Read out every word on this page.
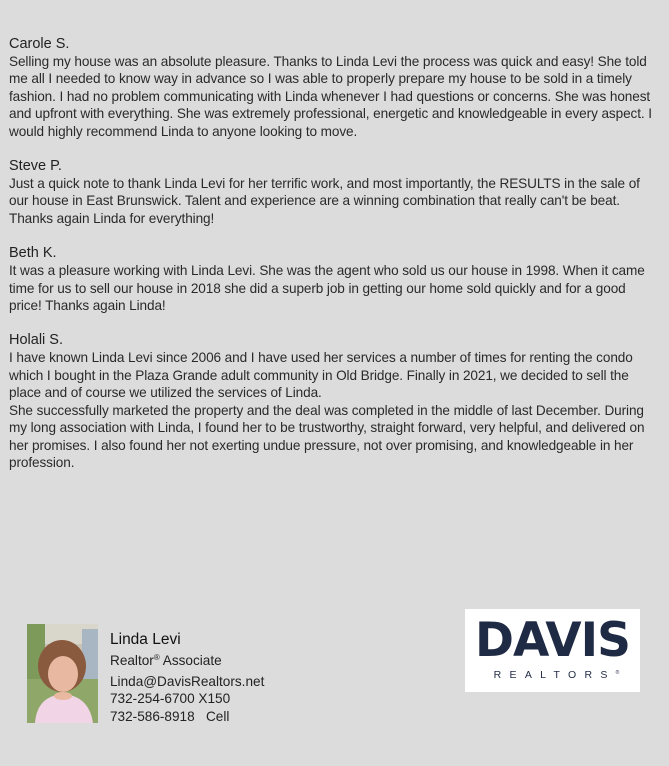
Carole S.

Selling my house was an absolute pleasure. Thanks to Linda Levi the process was quick and easy! She told me all I needed to know way in advance so I was able to properly prepare my house to be sold in a timely fashion. I had no problem communicating with Linda whenever I had questions or concerns. She was honest and upfront with everything. She was extremely professional, energetic and knowledgeable in every aspect. I would highly recommend Linda to anyone looking to move.

Steve P.

Just a quick note to thank Linda Levi for her terrific work, and most importantly, the RESULTS in the sale of our house in East Brunswick. Talent and experience are a winning combination that really can't be beat. Thanks again Linda for everything!

Beth K.

It was a pleasure working with Linda Levi. She was the agent who sold us our house in 1998. When it came time for us to sell our house in 2018 she did a superb job in getting our home sold quickly and for a good price! Thanks again Linda!

Holali S.

I have known Linda Levi since 2006 and I have used her services a number of times for renting the condo which I bought in the Plaza Grande adult community in Old Bridge. Finally in 2021, we decided to sell the place and of course we utilized the services of Linda.

She successfully marketed the property and the deal was completed in the middle of last December. During my long association with Linda, I found her to be trustworthy, straight forward, very helpful, and delivered on her promises. I also found her not exerting undue pressure, not over promising, and knowledgeable in her profession.

Linda Levi
Realtor® Associate
Linda@DavisRealtors.net
732-254-6700 X150
732-586-8918   Cell
DAVIS
REALTORS®
